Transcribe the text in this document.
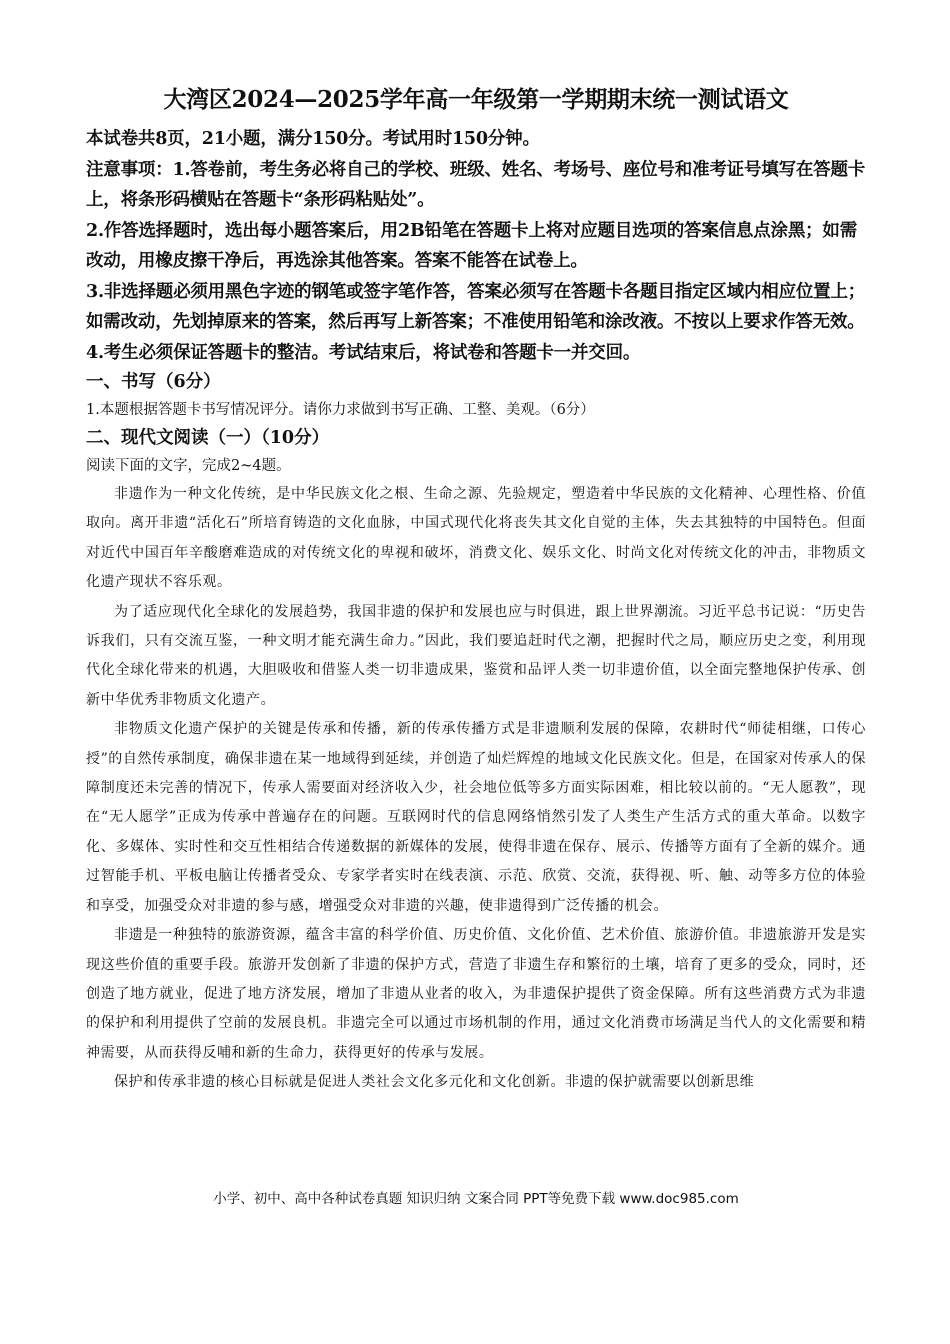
大湾区2024—2025学年高一年级第一学期期末统一测试语文

本试卷共8页，21小题，满分150分。考试用时150分钟。

注意事项：1.答卷前，考生务必将自己的学校、班级、姓名、考场号、座位号和准考证号填写在答题卡上，将条形码横贴在答题卡“条形码粘贴处”。

2.作答选择题时，选出每小题答案后，用2B铅笔在答题卡上将对应题目选项的答案信息点涂黑；如需改动，用橡皮擦干净后，再选涂其他答案。答案不能答在试卷上。

3.非选择题必须用黑色字迹的钢笔或签字笔作答，答案必须写在答题卡各题目指定区域内相应位置上；如需改动，先划掉原来的答案，然后再写上新答案；不准使用铅笔和涂改液。不按以上要求作答无效。

4.考生必须保证答题卡的整洁。考试结束后，将试卷和答题卡一并交回。

一、书写（6分）

1.本题根据答题卡书写情况评分。请你力求做到书写正确、工整、美观。（6分）

二、现代文阅读（一）（10分）

阅读下面的文字，完成2~4题。

非遗作为一种文化传统，是中华民族文化之根、生命之源、先验规定，塑造着中华民族的文化精神、心理性格、价值取向。离开非遗“活化石”所培育铸造的文化血脉，中国式现代化将丧失其文化自觉的主体，失去其独特的中国特色。但面对近代中国百年辛酸磨难造成的对传统文化的卑视和破坏，消费文化、娱乐文化、时尚文化对传统文化的冲击，非物质文化遗产现状不容乐观。

为了适应现代化全球化的发展趋势，我国非遗的保护和发展也应与时俱进，跟上世界潮流。习近平总书记说：“历史告诉我们，只有交流互鉴，一种文明才能充满生命力。”因此，我们要追赶时代之潮，把握时代之局，顺应历史之变，利用现代化全球化带来的机遇，大胆吸收和借鉴人类一切非遗成果，鉴赏和品评人类一切非遗价值，以全面完整地保护传承、创新中华优秀非物质文化遗产。

非物质文化遗产保护的关键是传承和传播，新的传承传播方式是非遗顺利发展的保障，农耕时代“师徒相继，口传心授”的自然传承制度，确保非遗在某一地域得到延续，并创造了灿烂辉煌的地域文化民族文化。但是，在国家对传承人的保障制度还未完善的情况下，传承人需要面对经济收入少，社会地位低等多方面实际困难，相比较以前的。“无人愿教”，现在“无人愿学”正成为传承中普遍存在的问题。互联网时代的信息网络悄然引发了人类生产生活方式的重大革命。以数字化、多媒体、实时性和交互性相结合传递数据的新媒体的发展，使得非遗在保存、展示、传播等方面有了全新的媒介。通过智能手机、平板电脑让传播者受众、专家学者实时在线表演、示范、欣赏、交流，获得视、听、触、动等多方位的体验和享受，加强受众对非遗的参与感，增强受众对非遗的兴趣，使非遗得到广泛传播的机会。

非遗是一种独特的旅游资源，蕴含丰富的科学价值、历史价值、文化价值、艺术价值、旅游价值。非遗旅游开发是实现这些价值的重要手段。旅游开发创新了非遗的保护方式，营造了非遗生存和繁衍的土壤，培育了更多的受众，同时，还创造了地方就业，促进了地方济发展，增加了非遗从业者的收入，为非遗保护提供了资金保障。所有这些消费方式为非遗的保护和利用提供了空前的发展良机。非遗完全可以通过市场机制的作用，通过文化消费市场满足当代人的文化需要和精神需要，从而获得反哺和新的生命力，获得更好的传承与发展。

保护和传承非遗的核心目标就是促进人类社会文化多元化和文化创新。非遗的保护就需要以创新思维

小学、初中、高中各种试卷真题 知识归纳 文案合同 PPT等免费下载 www.doc985.com
